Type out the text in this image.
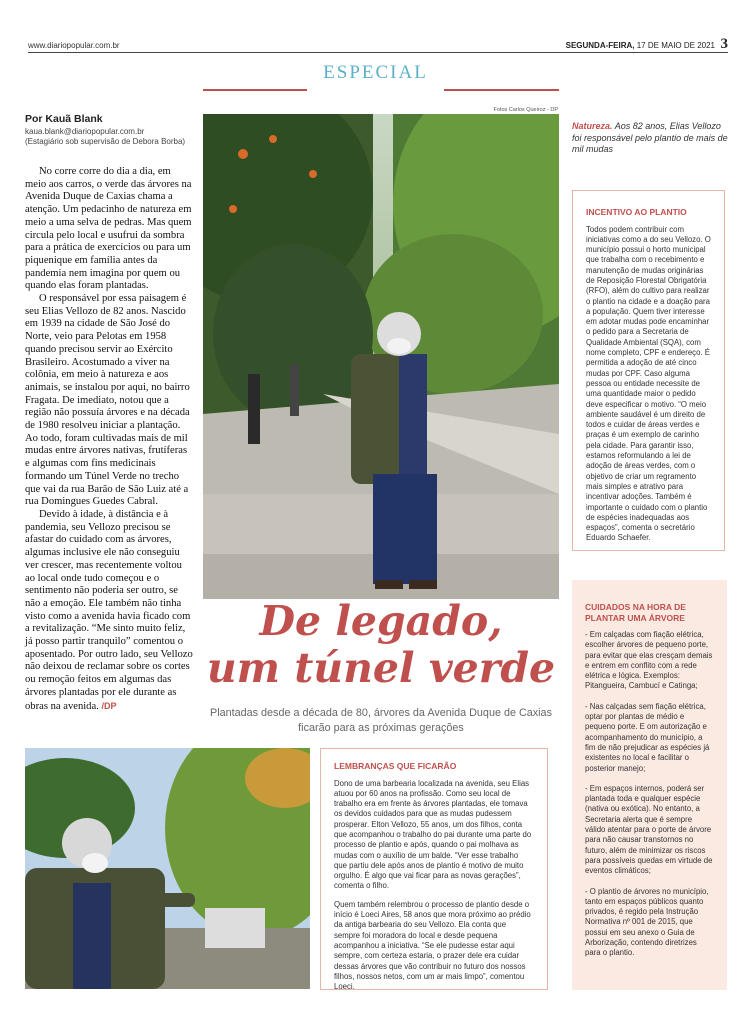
www.diariopopular.com.br	SEGUNDA-FEIRA, 17 DE MAIO DE 2021 3
ESPECIAL
Por Kauã Blank
kaua.blank@diariopopular.com.br
(Estagiário sob supervisão de Debora Borba)

No corre corre do dia a dia, em meio aos carros, o verde das árvores na Avenida Duque de Caxias chama a atenção. Um pedacinho de natureza em meio a uma selva de pedras. Mas quem circula pelo local e usufrui da sombra para a prática de exercícios ou para um piquenique em família antes da pandemia nem imagina por quem ou quando elas foram plantadas.

O responsável por essa paisagem é seu Elias Vellozo de 82 anos. Nascido em 1939 na cidade de São José do Norte, veio para Pelotas em 1958 quando precisou servir ao Exército Brasileiro. Acostumado a viver na colônia, em meio à natureza e aos animais, se instalou por aqui, no bairro Fragata. De imediato, notou que a região não possuía árvores e na década de 1980 resolveu iniciar a plantação. Ao todo, foram cultivadas mais de mil mudas entre árvores nativas, frutíferas e algumas com fins medicinais formando um Túnel Verde no trecho que vai da rua Barão de São Luiz até a rua Domingues Guedes Cabral.

Devido à idade, à distância e à pandemia, seu Vellozo precisou se afastar do cuidado com as árvores, algumas inclusive ele não conseguiu ver crescer, mas recentemente voltou ao local onde tudo começou e o sentimento não poderia ser outro, se não a emoção. Ele também não tinha visto como a avenida havia ficado com a revitalização. “Me sinto muito feliz, já posso partir tranquilo” comentou o aposentado. Por outro lado, seu Vellozo não deixou de reclamar sobre os cortes ou remoção feitos em algumas das árvores plantadas por ele durante as obras na avenida. /DP

Fotos Carlos Queiroz - DP
Natureza. Aos 82 anos, Elias Vellozo foi responsável pelo plantio de mais de mil mudas
INCENTIVO AO PLANTIO
Todos podem contribuir com iniciativas como a do seu Vellozo. O município possui o horto municipal que trabalha com o recebimento e manutenção de mudas originárias de Reposição Florestal Obrigatória (RFO), além do cultivo para realizar o plantio na cidade e a doação para a população. Quem tiver interesse em adotar mudas pode encaminhar o pedido para a Secretaria de Qualidade Ambiental (SQA), com nome completo, CPF e endereço. É permitida a adoção de até cinco mudas por CPF. Caso alguma pessoa ou entidade necessite de uma quantidade maior o pedido deve especificar o motivo. “O meio ambiente saudável é um direito de todos e cuidar de áreas verdes e praças é um exemplo de carinho pela cidade. Para garantir isso, estamos reformulando a lei de adoção de áreas verdes, com o objetivo de criar um regramento mais simples e atrativo para incentivar adoções. Também é importante o cuidado com o plantio de espécies inadequadas aos espaços”, comenta o secretário Eduardo Schaefer.
CUIDADOS NA HORA DE PLANTAR UMA ÁRVORE

- Em calçadas com fiação elétrica, escolher árvores de pequeno porte, para evitar que elas cresçam demais e entrem em conflito com a rede elétrica e lógica. Exemplos: Pitangueira, Cambucí e Catinga;

- Nas calçadas sem fiação elétrica, optar por plantas de médio e pequeno porte. E om autorização e acompanhamento do município, a fim de não prejudicar as espécies já existentes no local e facilitar o posterior manejo;

- Em espaços internos, poderá ser plantada toda e qualquer espécie (nativa ou exótica). No entanto, a Secretaria alerta que é sempre válido atentar para o porte de árvore para não causar transtornos no futuro, além de minimizar os riscos para possíveis quedas em virtude de eventos climáticos;

- O plantio de árvores no município, tanto em espaços públicos quanto privados, é regido pela Instrução Normativa nº 001 de 2015, que possui em seu anexo o Guia de Arborização, contendo diretrizes para o plantio.

De legado,
um túnel verde
Plantadas desde a década de 80, árvores da Avenida Duque de Caxias ficarão para as próximas gerações
LEMBRANÇAS QUE FICARÃO

Dono de uma barbearia localizada na avenida, seu Elias atuou por 60 anos na profissão. Como seu local de trabalho era em frente às árvores plantadas, ele tomava os devidos cuidados para que as mudas pudessem prosperar. Elton Vellozo, 55 anos, um dos filhos, conta que acompanhou o trabalho do pai durante uma parte do processo de plantio e após, quando o pai molhava as mudas com o auxílio de um balde. “Ver esse trabalho que partiu dele após anos de plantio é motivo de muito orgulho. É algo que vai ficar para as novas gerações”, comenta o filho.

Quem também relembrou o processo de plantio desde o início é Loeci Aires, 58 anos que mora próximo ao prédio da antiga barbearia do seu Vellozo. Ela conta que sempre foi moradora do local e desde pequena acompanhou a iniciativa. “Se ele pudesse estar aqui sempre, com certeza estaria, o prazer dele era cuidar dessas árvores que vão contribuir no futuro dos nossos filhos, nossos netos, com um ar mais limpo”, comentou Loeci.
